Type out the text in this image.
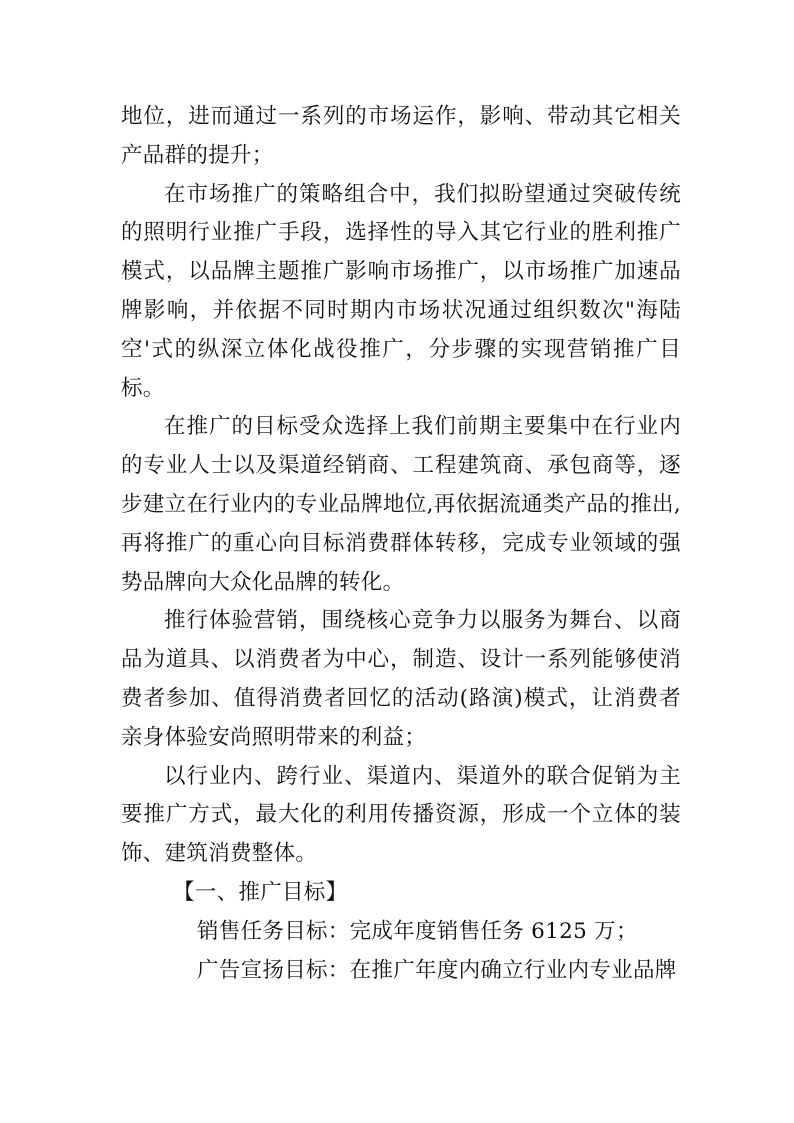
地位，进而通过一系列的市场运作，影响、带动其它相关产品群的提升；

在市场推广的策略组合中，我们拟盼望通过突破传统的照明行业推广手段，选择性的导入其它行业的胜利推广模式，以品牌主题推广影响市场推广，以市场推广加速品牌影响，并依据不同时期内市场状况通过组织数次"海陆空'式的纵深立体化战役推广，分步骤的实现营销推广目标。

在推广的目标受众选择上我们前期主要集中在行业内的专业人士以及渠道经销商、工程建筑商、承包商等，逐步建立在行业内的专业品牌地位,再依据流通类产品的推出,再将推广的重心向目标消费群体转移，完成专业领域的强势品牌向大众化品牌的转化。

推行体验营销，围绕核心竞争力以服务为舞台、以商品为道具、以消费者为中心，制造、设计一系列能够使消费者参加、值得消费者回忆的活动(路演)模式，让消费者亲身体验安尚照明带来的利益；

以行业内、跨行业、渠道内、渠道外的联合促销为主要推广方式，最大化的利用传播资源，形成一个立体的装饰、建筑消费整体。

【一、推广目标】

销售任务目标：完成年度销售任务 6125 万；

广告宣扬目标：在推广年度内确立行业内专业品牌
